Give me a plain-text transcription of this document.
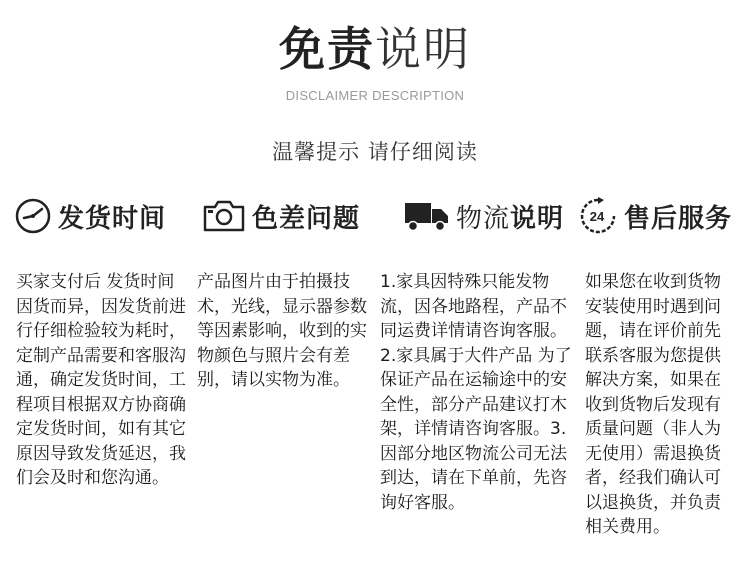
免责说明
DISCLAIMER DESCRIPTION
温馨提示 请仔细阅读
发货时间	色差问题	物流说明 24 售后服务
买家支付后 发货时间因货而异，因发货前进行仔细检验较为耗时，定制产品需要和客服沟通，确定发货时间，工程项目根据双方协商确定发货时间，如有其它原因导致发货延迟，我们会及时和您沟通。
产品图片由于拍摄技术，光线，显示器参数等因素影响，收到的实物颜色与照片会有差别，请以实物为准。
1.家具因特殊只能发物流，因各地路程，产品不同运费详情请咨询客服。2.家具属于大件产品 为了保证产品在运输途中的安全性，部分产品建议打木架，详情请咨询客服。3.因部分地区物流公司无法到达，请在下单前，先咨询好客服。
如果您在收到货物安装使用时遇到问题，请在评价前先联系客服为您提供解决方案，如果在收到货物后发现有质量问题（非人为无使用）需退换货者，经我们确认可以退换货，并负责相关费用。
